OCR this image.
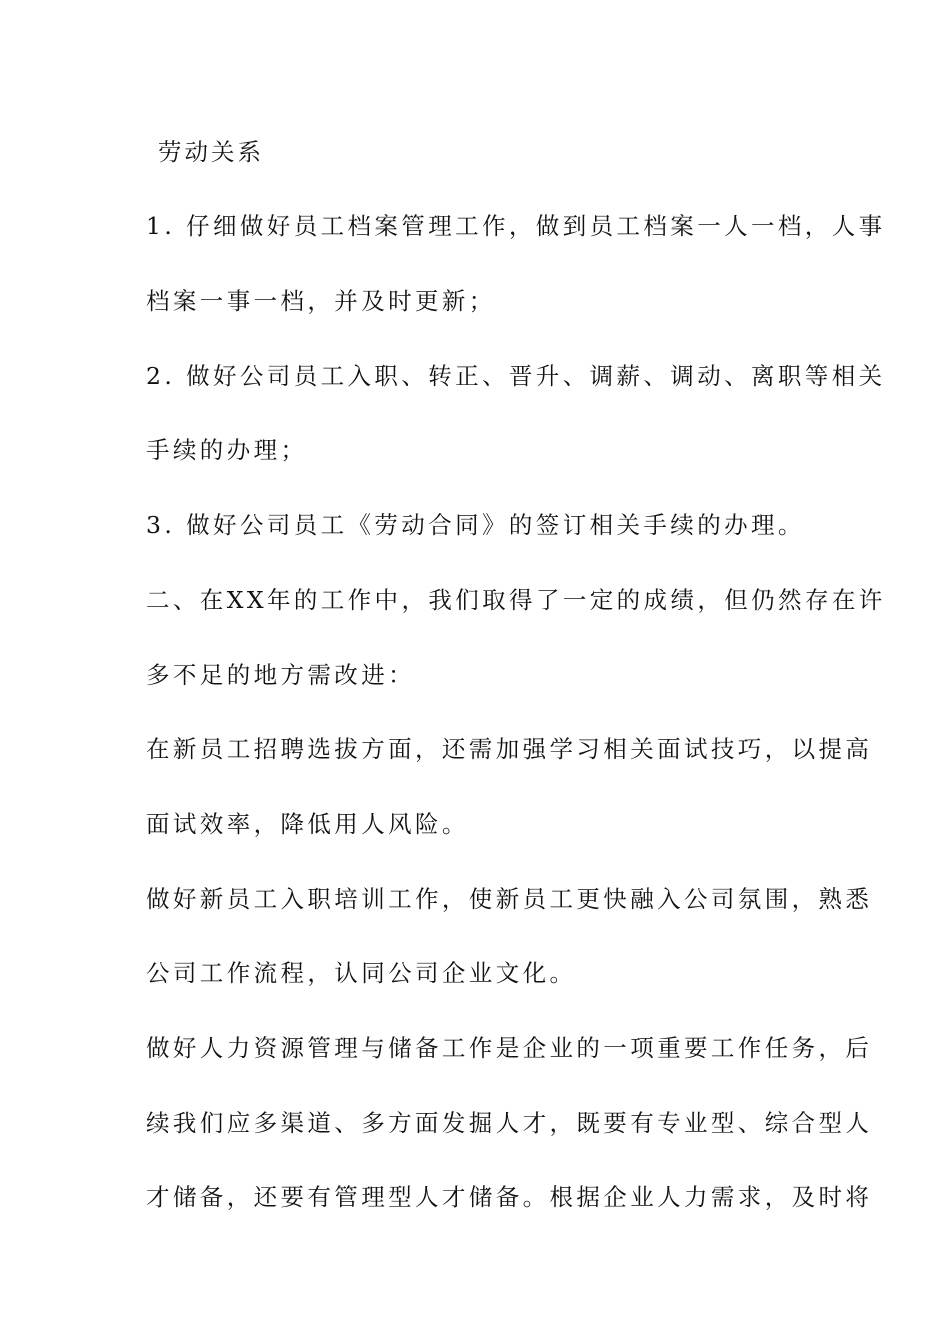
劳动关系
1. 仔细做好员工档案管理工作，做到员工档案一人一档，人事
档案一事一档，并及时更新；
2. 做好公司员工入职、转正、晋升、调薪、调动、离职等相关
手续的办理；
3. 做好公司员工《劳动合同》的签订相关手续的办理。
二、在XX年的工作中，我们取得了一定的成绩，但仍然存在许
多不足的地方需改进：
在新员工招聘选拔方面，还需加强学习相关面试技巧，以提高
面试效率，降低用人风险。
做好新员工入职培训工作，使新员工更快融入公司氛围，熟悉
公司工作流程，认同公司企业文化。
做好人力资源管理与储备工作是企业的一项重要工作任务，后
续我们应多渠道、多方面发掘人才，既要有专业型、综合型人
才储备，还要有管理型人才储备。根据企业人力需求，及时将
